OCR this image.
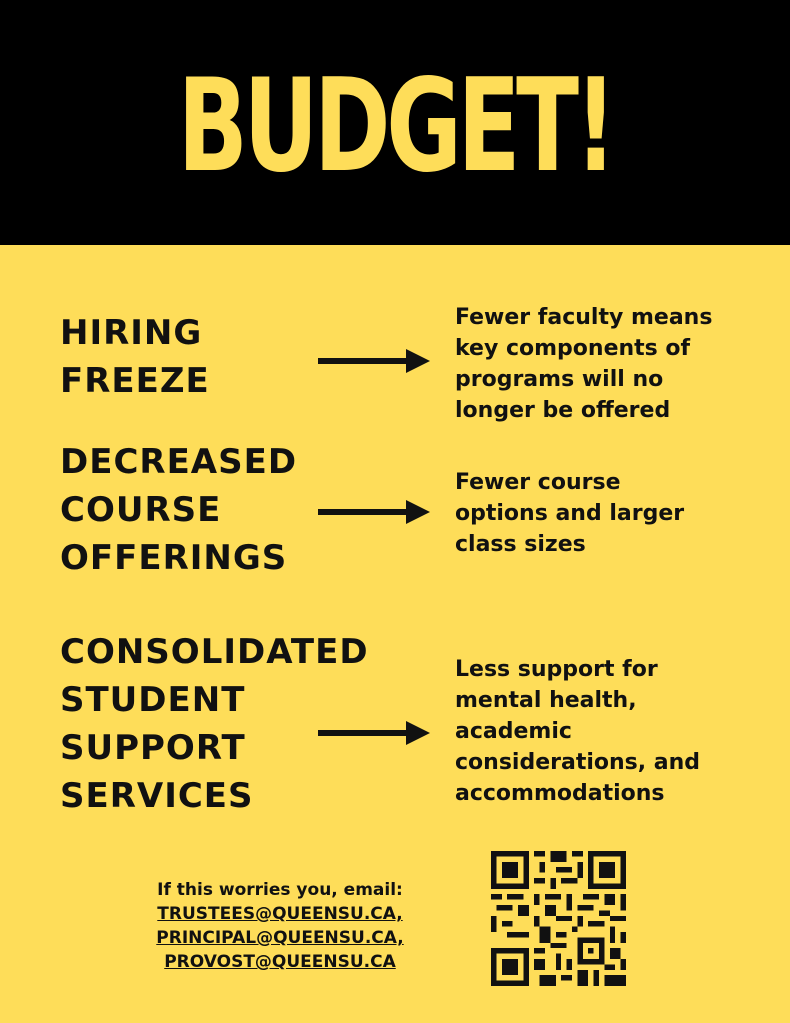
BUDGET!
HIRING
FREEZE
Fewer faculty means
key components of
programs will no
longer be offered
DECREASED
COURSE
OFFERINGS
Fewer course
options and larger
class sizes
CONSOLIDATED
STUDENT
SUPPORT
SERVICES
Less support for
mental health,
academic
considerations, and
accommodations
If this worries you, email:
TRUSTEES@QUEENSU.CA,
PRINCIPAL@QUEENSU.CA,
PROVOST@QUEENSU.CA
